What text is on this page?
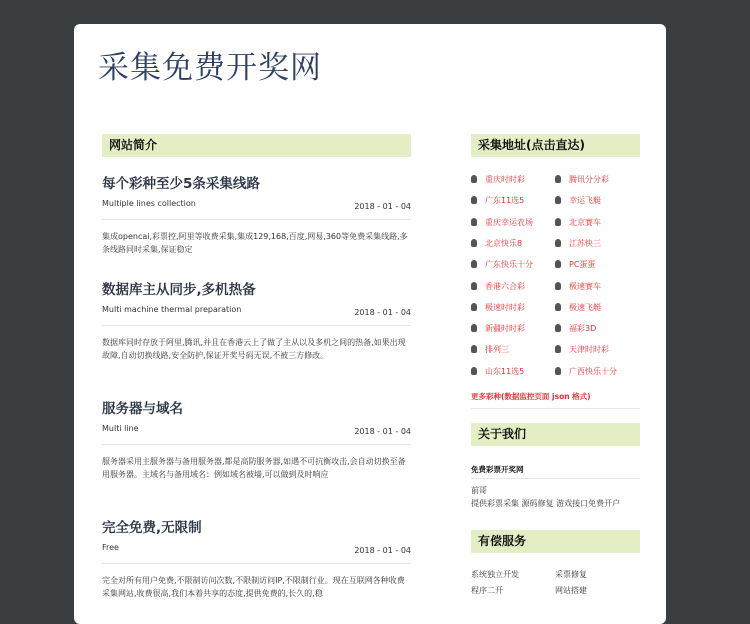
采集免费开奖网
网站简介
每个彩种至少5条采集线路
Multiple lines collection	2018 - 01 - 04
集成opencai,彩票控,阿里等收费采集,集成129,168,百度,网易,360等免费采集线路,多条线路同时采集,保证稳定
数据库主从同步,多机热备
Multi machine thermal preparation	2018 - 01 - 04
数据库同时存放于阿里,腾讯,并且在香港云上了做了主从以及多机之间的热备,如果出现故障,自动切换线路,安全防护,保证开奖号码无误,不被三方修改。
服务器与域名
Multi line	2018 - 01 - 04
服务器采用主服务器与备用服务器,都是高防服务器,如遇不可抗衡攻击,会自动切换至备用服务器。主域名与备用域名：例如域名被墙,可以做到及时响应
完全免费,无限制
Free	2018 - 01 - 04
完全对所有用户免费,不限制访问次数,不限制访问IP,不限制行业。现在互联网各种收费采集网站,收费很高,我们本着共享的态度,提供免费的,长久的,稳
采集地址(点击直达)
重庆时时彩	腾讯分分彩
广东11选5	幸运飞艇
重庆幸运农场	北京赛车
北京快乐8	江苏快三
广东快乐十分	PC蛋蛋
香港六合彩	极速赛车
极速时时彩	极速飞艇
新疆时时彩	福彩3D
排列三	天津时时彩
山东11选5	广西快乐十分
更多彩种(数据监控页面 json 格式)
关于我们
免费彩票开奖网
前哥
提供彩票采集 源码修复 游戏接口免费开户
有偿服务
系统独立开发	采票修复
程序二开	网站搭建
